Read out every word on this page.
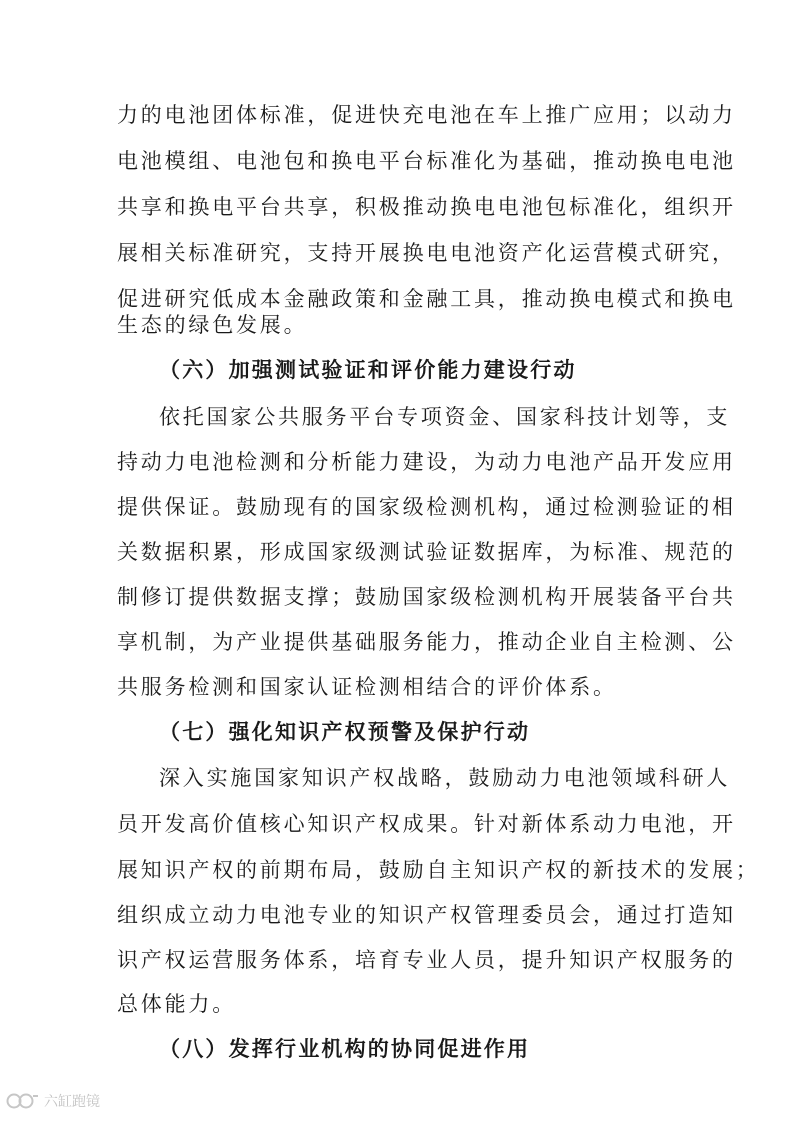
力的电池团体标准，促进快充电池在车上推广应用；以动力
电池模组、电池包和换电平台标准化为基础，推动换电电池
共享和换电平台共享，积极推动换电电池包标准化，组织开
展相关标准研究，支持开展换电电池资产化运营模式研究，
促进研究低成本金融政策和金融工具，推动换电模式和换电
生态的绿色发展。
（六）加强测试验证和评价能力建设行动
依托国家公共服务平台专项资金、国家科技计划等，支
持动力电池检测和分析能力建设，为动力电池产品开发应用
提供保证。鼓励现有的国家级检测机构，通过检测验证的相
关数据积累，形成国家级测试验证数据库，为标准、规范的
制修订提供数据支撑；鼓励国家级检测机构开展装备平台共
享机制，为产业提供基础服务能力，推动企业自主检测、公
共服务检测和国家认证检测相结合的评价体系。
（七）强化知识产权预警及保护行动
深入实施国家知识产权战略，鼓励动力电池领域科研人
员开发高价值核心知识产权成果。针对新体系动力电池，开
展知识产权的前期布局，鼓励自主知识产权的新技术的发展；
组织成立动力电池专业的知识产权管理委员会，通过打造知
识产权运营服务体系，培育专业人员，提升知识产权服务的
总体能力。
（八）发挥行业机构的协同促进作用
六缸跑镜
